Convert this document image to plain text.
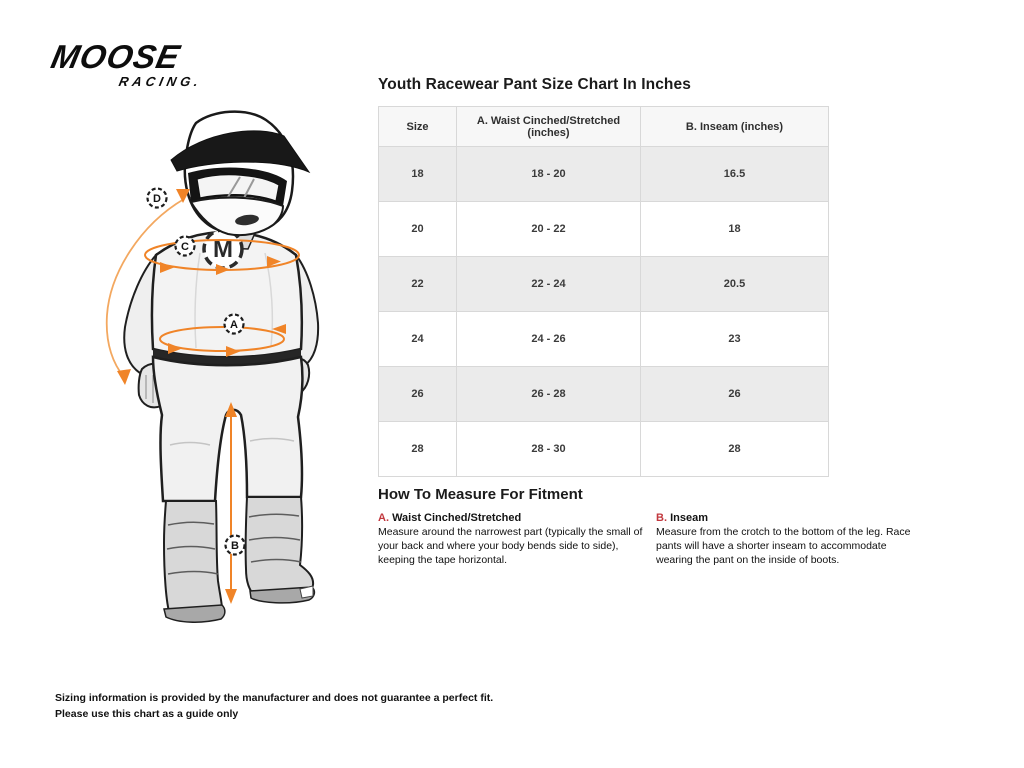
MOOSE
RACING.
M
D
C
A
B
Youth Racewear Pant Size Chart In Inches
Size	A. Waist Cinched/Stretched (inches)	B. Inseam (inches)
18	18 - 20	16.5
20	20 - 22	18
22	22 - 24	20.5
24	24 - 26	23
26	26 - 28	26
28	28 - 30	28
How To Measure For Fitment
A. Waist Cinched/Stretched
Measure around the narrowest part (typically the small of your back and where your body bends side to side), keeping the tape horizontal.
B. Inseam
Measure from the crotch to the bottom of the leg. Race pants will have a shorter inseam to accommodate wearing the pant on the inside of boots.
Sizing information is provided by the manufacturer and does not guarantee a perfect fit.
Please use this chart as a guide only
